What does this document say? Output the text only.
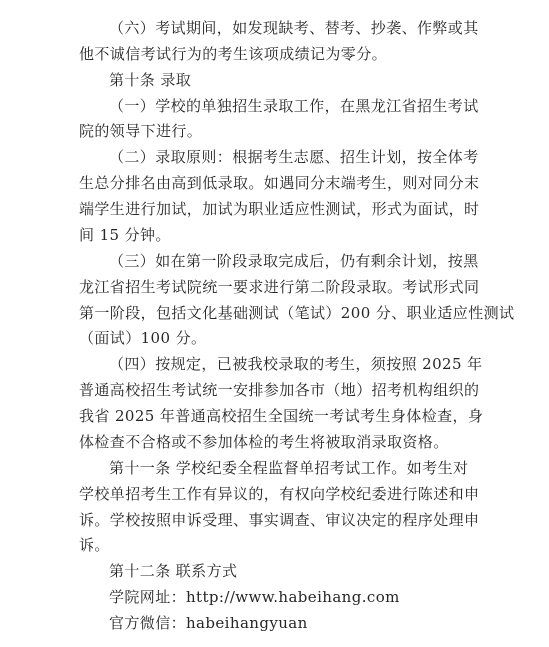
（六）考试期间，如发现缺考、替考、抄袭、作弊或其
他不诚信考试行为的考生该项成绩记为零分。
第十条 录取
（一）学校的单独招生录取工作，在黑龙江省招生考试
院的领导下进行。
（二）录取原则：根据考生志愿、招生计划，按全体考
生总分排名由高到低录取。如遇同分末端考生，则对同分末
端学生进行加试，加试为职业适应性测试，形式为面试，时
间 15 分钟。
（三）如在第一阶段录取完成后，仍有剩余计划，按黑
龙江省招生考试院统一要求进行第二阶段录取。考试形式同
第一阶段，包括文化基础测试（笔试）200 分、职业适应性测试
（面试）100 分。
（四）按规定，已被我校录取的考生，须按照 2025 年
普通高校招生考试统一安排参加各市（地）招考机构组织的
我省 2025 年普通高校招生全国统一考试考生身体检查，身
体检查不合格或不参加体检的考生将被取消录取资格。
第十一条 学校纪委全程监督单招考试工作。如考生对
学校单招考生工作有异议的，有权向学校纪委进行陈述和申
诉。学校按照申诉受理、事实调查、审议决定的程序处理申
诉。
第十二条 联系方式
学院网址：http://www.habeihang.com
官方微信：habeihangyuan
